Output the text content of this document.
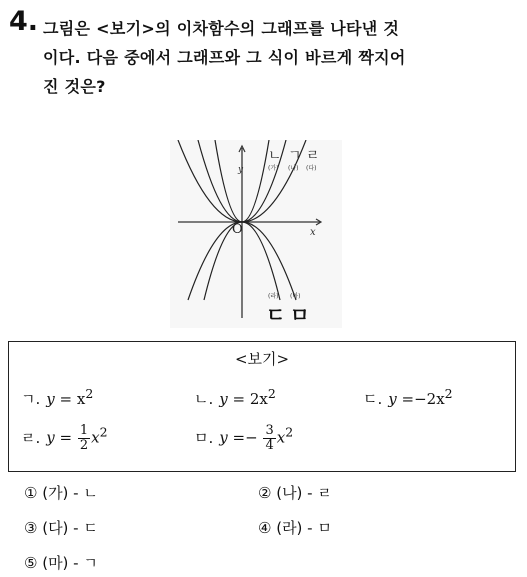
4. 그림은 <보기>의 이차함수의 그래프를 나타낸 것
이다. 다음 중에서 그래프와 그 식이 바르게 짝지어
진 것은?
y
x
O
(가) (나) (다)
ㄴ ㄱ ㄹ
(라) (마)
ㄷ ㅁ
<보기>
ㄱ. $y = x^2$	ㄴ. $y = 2x^2$	ㄷ. $y =-2x^2$
ㄹ. $y = \frac{1}{2} x^2$	ㅁ. $y =- \frac{3}{4} x^2$
① (가) - ㄴ	② (나) - ㄹ
③ (다) - ㄷ	④ (라) - ㅁ
⑤ (마) - ㄱ
